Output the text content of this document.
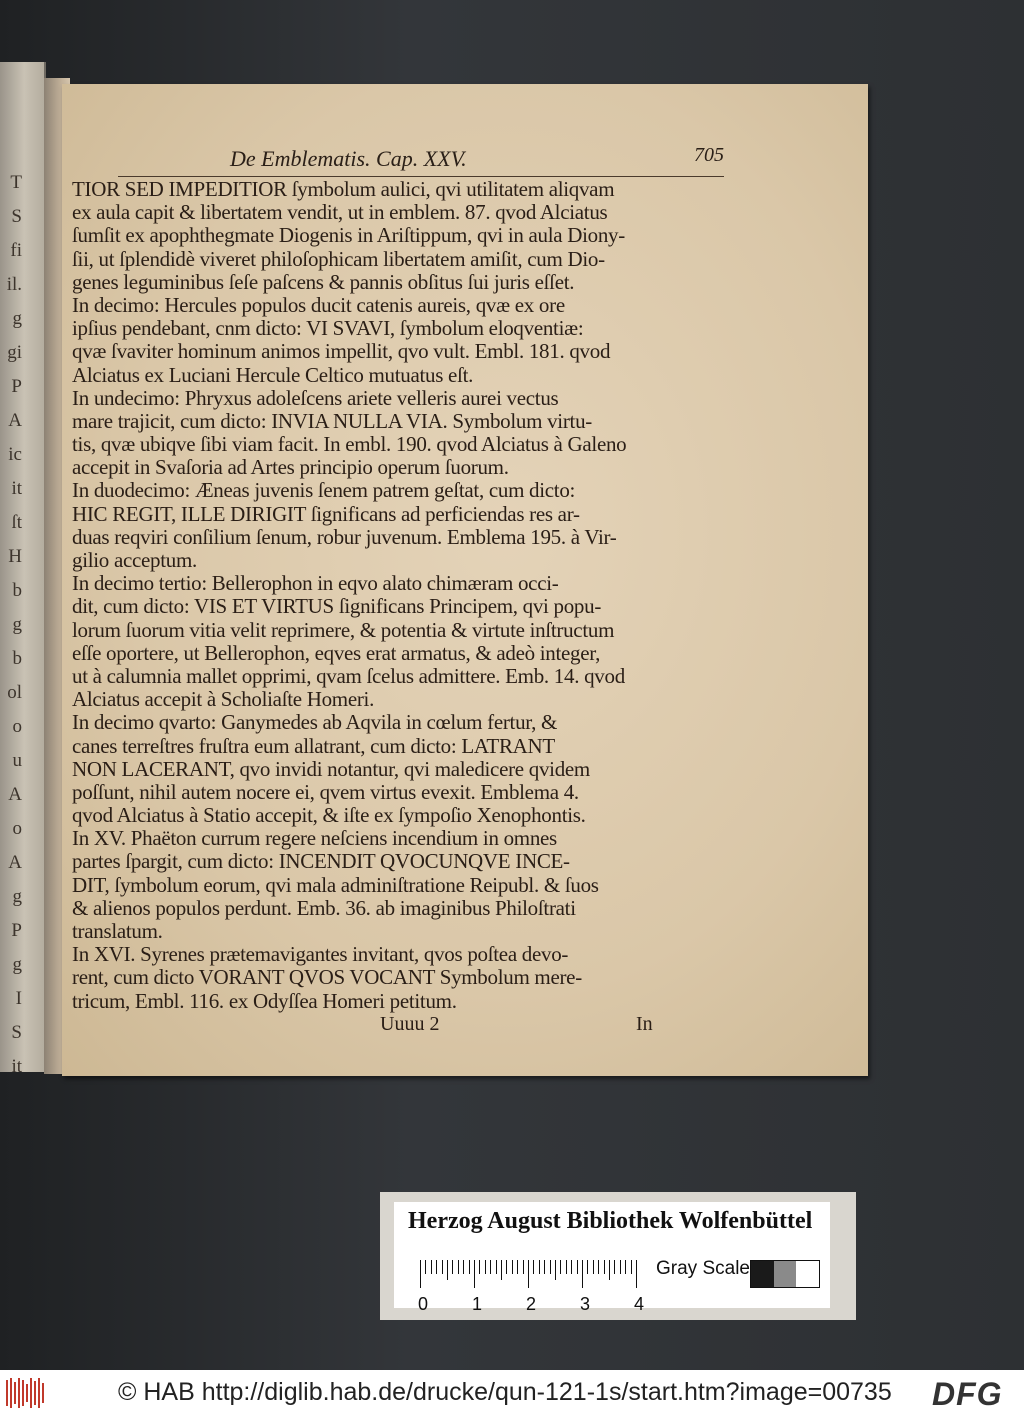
T
S
fi
il.
g
gi
P
A
ic
it
ſt
H
b
g
b
ol
o
u
A
o
A
g
P
g
I
S
it
De Emblematis. Cap. XXV.	705
TIOR SED IMPEDITIOR ſymbolum aulici, qvi utilitatem aliqvam
ex aula capit & libertatem vendit, ut in emblem. 87. qvod Alciatus
ſumſit ex apophthegmate Diogenis in Ariſtippum, qvi in aula Diony-
ſii, ut ſplendidè viveret philoſophicam libertatem amiſit, cum Dio-
genes leguminibus ſeſe paſcens & pannis obſitus ſui juris eſſet.
In decimo: Hercules populos ducit catenis aureis, qvæ ex ore
ipſius pendebant, cnm dicto: VI SVAVI, ſymbolum eloqventiæ:
qvæ ſvaviter hominum animos impellit, qvo vult. Embl. 181. qvod
Alciatus ex Luciani Hercule Celtico mutuatus eſt.
In undecimo: Phryxus adoleſcens ariete velleris aurei vectus
mare trajicit, cum dicto: INVIA NULLA VIA. Symbolum virtu-
tis, qvæ ubiqve ſibi viam facit. In embl. 190. qvod Alciatus à Galeno
accepit in Svaſoria ad Artes principio operum ſuorum.
In duodecimo: Æneas juvenis ſenem patrem geſtat, cum dicto:
HIC REGIT, ILLE DIRIGIT ſignificans ad perficiendas res ar-
duas reqviri conſilium ſenum, robur juvenum. Emblema 195. à Vir-
gilio acceptum.
In decimo tertio: Bellerophon in eqvo alato chimæram occi-
dit, cum dicto: VIS ET VIRTUS ſignificans Principem, qvi popu-
lorum ſuorum vitia velit reprimere, & potentia & virtute inſtructum
eſſe oportere, ut Bellerophon, eqves erat armatus, & adeò integer,
ut à calumnia mallet opprimi, qvam ſcelus admittere. Emb. 14. qvod
Alciatus accepit à Scholiaſte Homeri.
In decimo qvarto: Ganymedes ab Aqvila in cœlum fertur, &
canes terreſtres fruſtra eum allatrant, cum dicto: LATRANT
NON LACERANT, qvo invidi notantur, qvi maledicere qvidem
poſſunt, nihil autem nocere ei, qvem virtus evexit. Emblema 4.
qvod Alciatus à Statio accepit, & iſte ex ſympoſio Xenophontis.
In XV. Phaëton currum regere neſciens incendium in omnes
partes ſpargit, cum dicto: INCENDIT QVOCUNQVE INCE-
DIT, ſymbolum eorum, qvi mala adminiſtratione Reipubl. & ſuos
& alienos populos perdunt. Emb. 36. ab imaginibus Philoſtrati
translatum.
In XVI. Syrenes prætemavigantes invitant, qvos poſtea devo-
rent, cum dicto VORANT QVOS VOCANT Symbolum mere-
tricum, Embl. 116. ex Odyſſea Homeri petitum.
Uuuu 2	In
Herzog August Bibliothek Wolfenbüttel
0 1 2 3 4
Gray Scale
© HAB http://diglib.hab.de/drucke/qun-121-1s/start.htm?image=00735 DFG
